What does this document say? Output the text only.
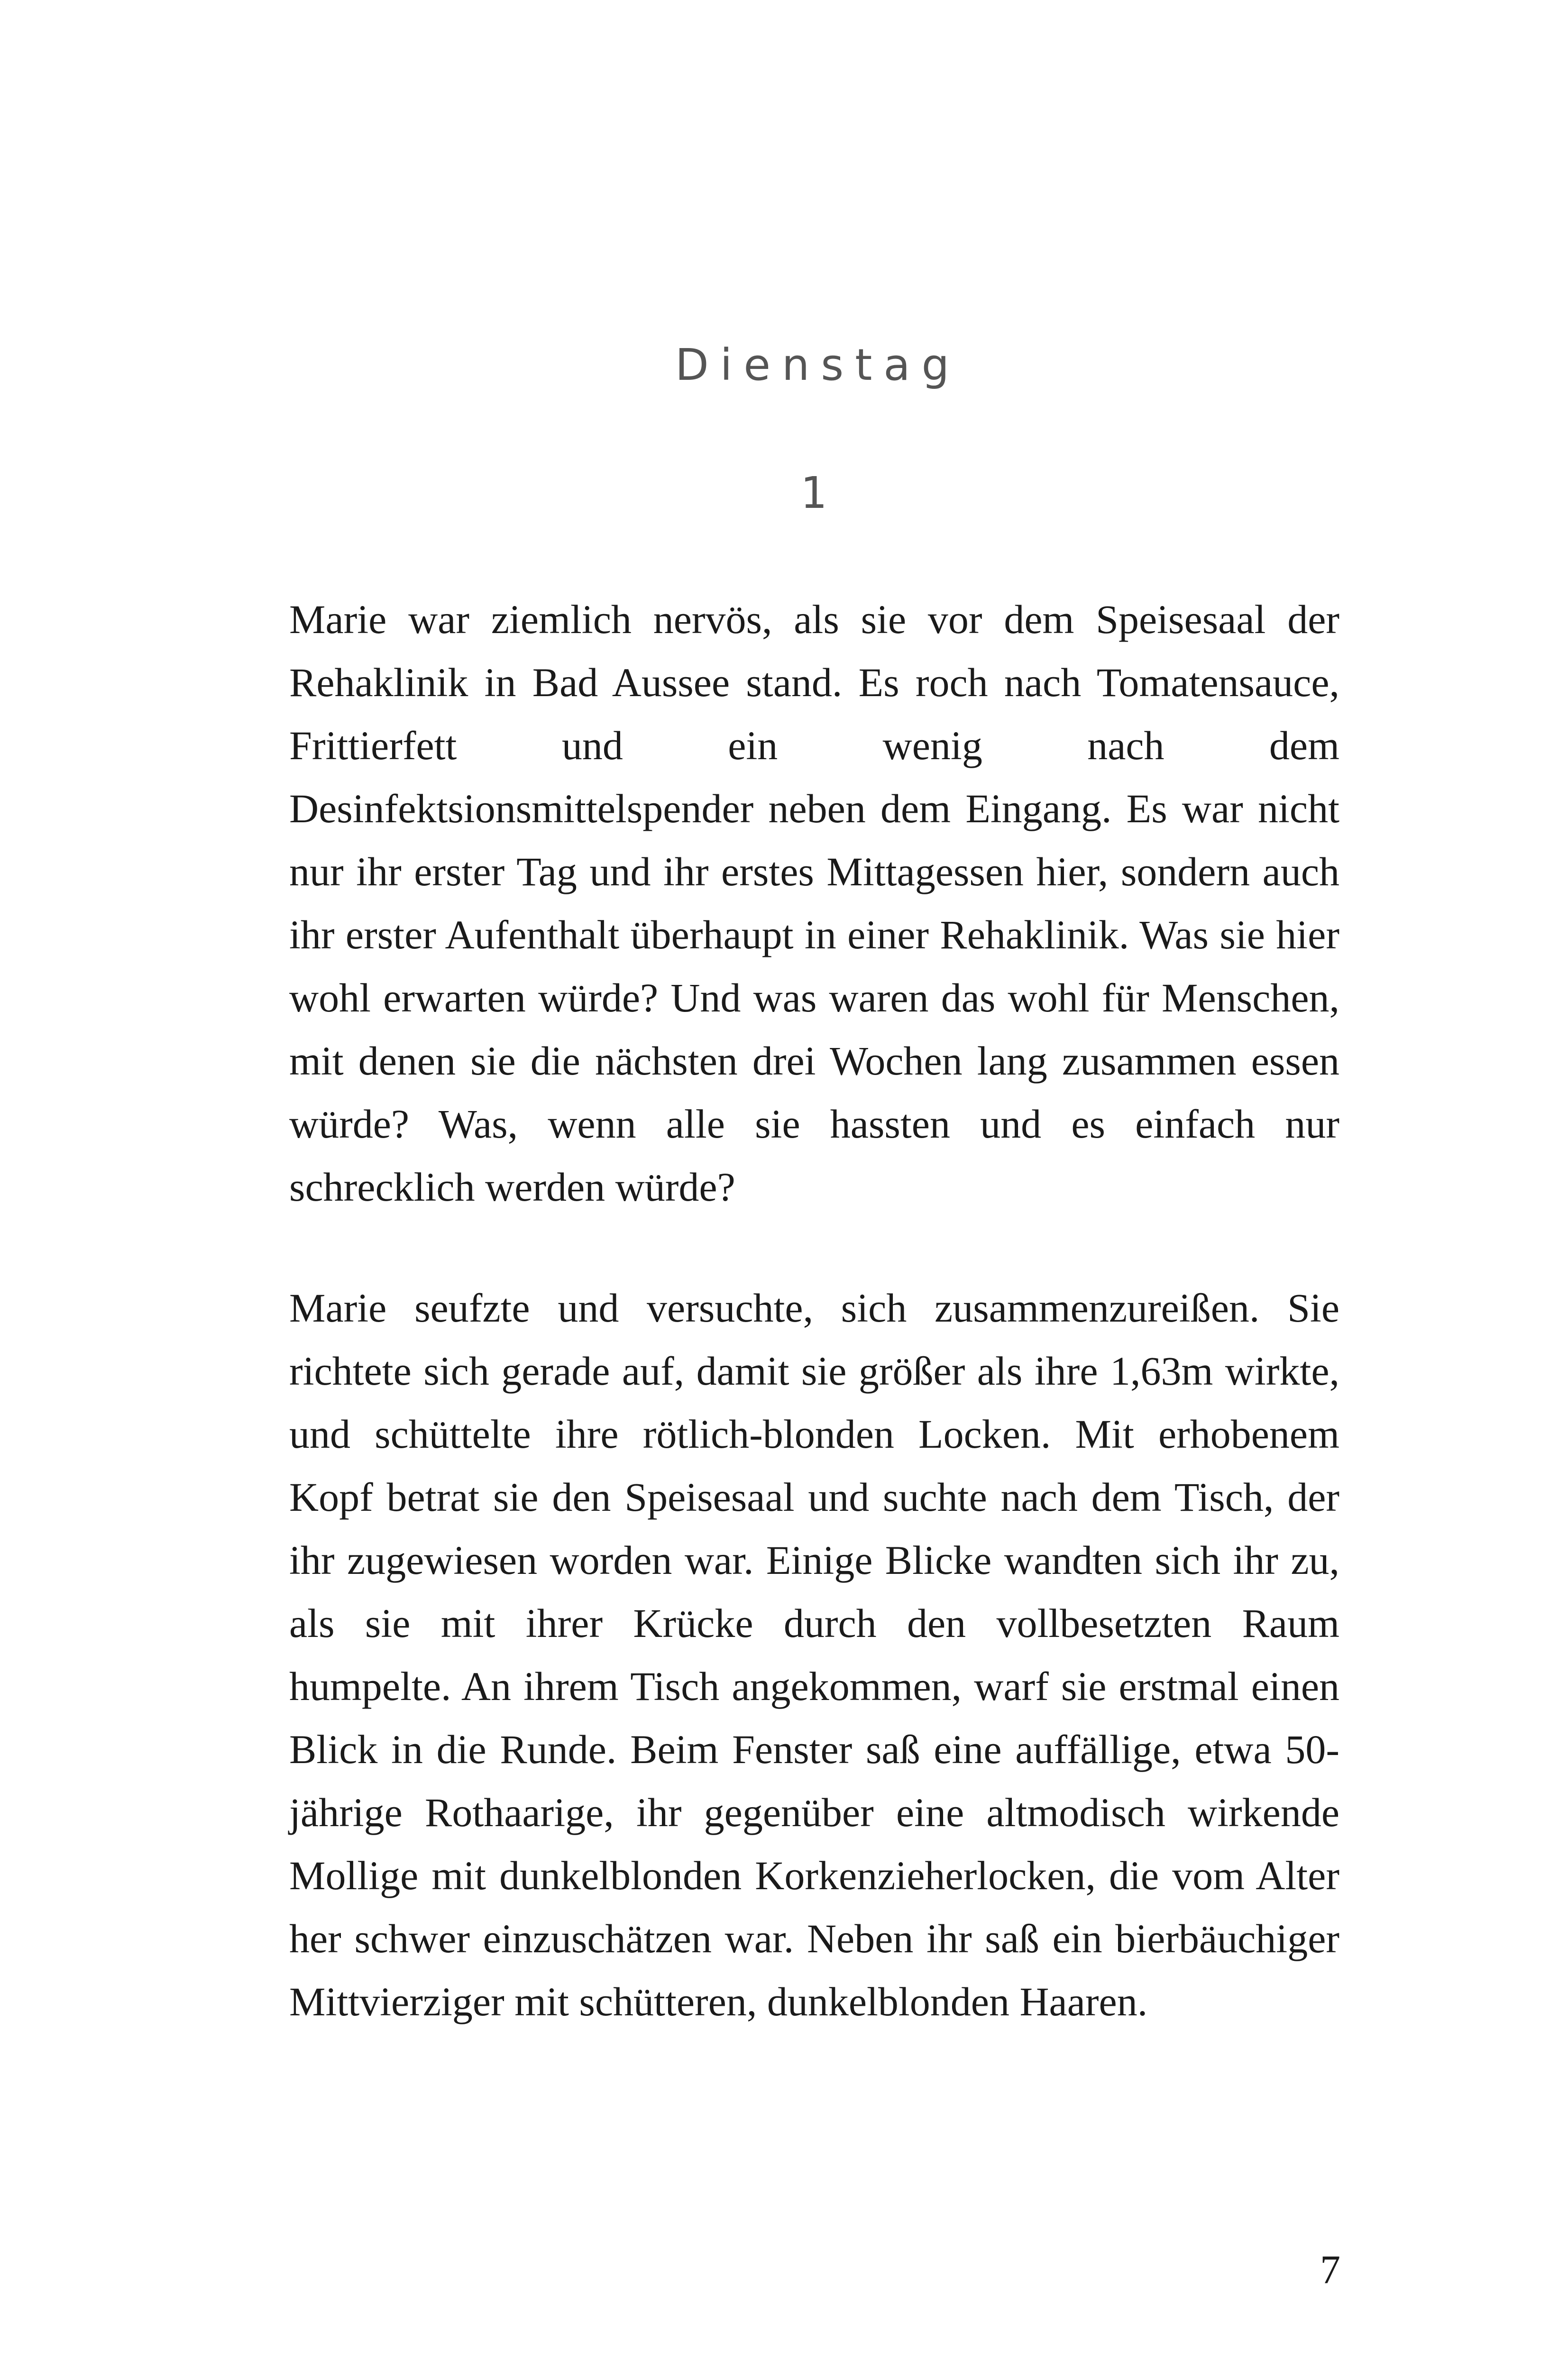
Dienstag
1

Marie war ziemlich nervös, als sie vor dem Speisesaal der Rehaklinik in Bad Aussee stand. Es roch nach Tomatensauce, Frittierfett und ein wenig nach dem Desinfektsionsmittelspender neben dem Eingang. Es war nicht nur ihr erster Tag und ihr erstes Mittagessen hier, sondern auch ihr erster Aufenthalt überhaupt in einer Rehaklinik. Was sie hier wohl erwarten würde? Und was waren das wohl für Menschen, mit denen sie die nächsten drei Wochen lang zusammen essen würde? Was, wenn alle sie hassten und es einfach nur schrecklich werden würde?

Marie seufzte und versuchte, sich zusammenzureißen. Sie richtete sich gerade auf, damit sie größer als ihre 1,63m wirkte, und schüttelte ihre rötlich-blonden Locken. Mit erhobenem Kopf betrat sie den Speisesaal und suchte nach dem Tisch, der ihr zugewiesen worden war. Einige Blicke wandten sich ihr zu, als sie mit ihrer Krücke durch den vollbesetzten Raum humpelte. An ihrem Tisch angekommen, warf sie erstmal einen Blick in die Runde. Beim Fenster saß eine auffällige, etwa 50-jährige Rothaarige, ihr gegenüber eine altmodisch wirkende Mollige mit dunkelblonden Korkenzieherlocken, die vom Alter her schwer einzuschätzen war. Neben ihr saß ein bierbäuchiger Mittvierziger mit schütteren, dunkelblonden Haaren.

7
